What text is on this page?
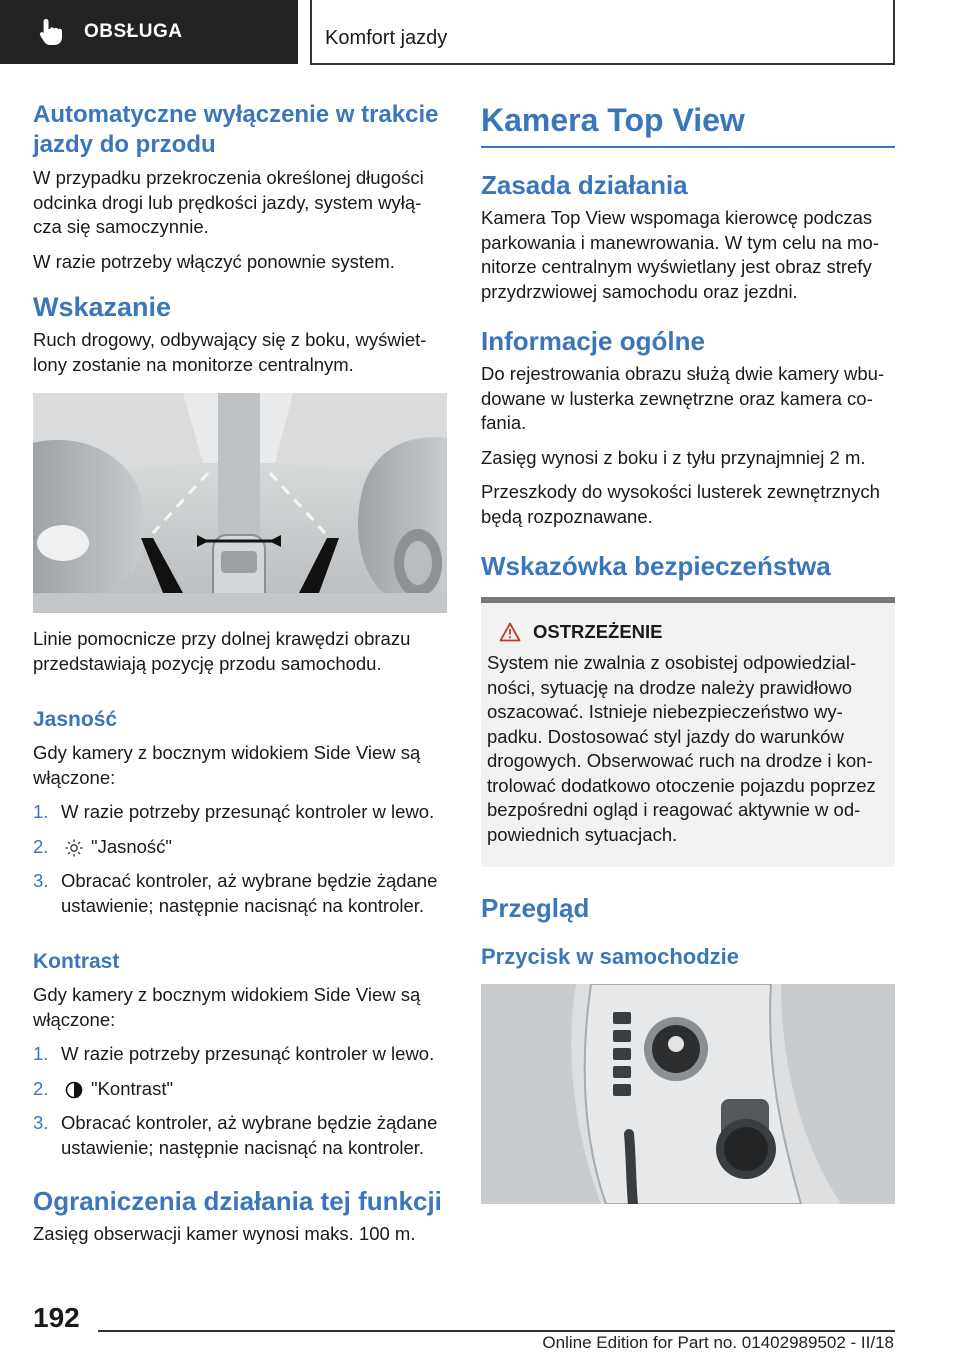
OBSŁUGA	Komfort jazdy
Automatyczne wyłączenie w trakcie jazdy do przodu

W przypadku przekroczenia określonej długości odcinka drogi lub prędkości jazdy, system wyłą-cza się samoczynnie.

W razie potrzeby włączyć ponownie system.

Wskazanie

Ruch drogowy, odbywający się z boku, wyświet-lony zostanie na monitorze centralnym.

Linie pomocnicze przy dolnej krawędzi obrazu przedstawiają pozycję przodu samochodu.

Jasność

Gdy kamery z bocznym widokiem Side View są włączone:

1. W razie potrzeby przesunąć kontroler w lewo.
2. "Jasność"
3. Obracać kontroler, aż wybrane będzie żądane ustawienie; następnie nacisnąć na kontroler.
Kontrast

Gdy kamery z bocznym widokiem Side View są włączone:

1. W razie potrzeby przesunąć kontroler w lewo.
2. "Kontrast"
3. Obracać kontroler, aż wybrane będzie żądane ustawienie; następnie nacisnąć na kontroler.
Ograniczenia działania tej funkcji

Zasięg obserwacji kamer wynosi maks. 100 m.

Kamera Top View
Zasada działania

Kamera Top View wspomaga kierowcę podczas parkowania i manewrowania. W tym celu na mo-nitorze centralnym wyświetlany jest obraz strefy przydrzwiowej samochodu oraz jezdni.

Informacje ogólne

Do rejestrowania obrazu służą dwie kamery wbu-dowane w lusterka zewnętrzne oraz kamera co-fania.

Zasięg wynosi z boku i z tyłu przynajmniej 2 m.

Przeszkody do wysokości lusterek zewnętrznych będą rozpoznawane.

Wskazówka bezpieczeństwa
OSTRZEŻENIE

System nie zwalnia z osobistej odpowiedzial-ności, sytuację na drodze należy prawidłowo oszacować. Istnieje niebezpieczeństwo wy-padku. Dostosować styl jazdy do warunków drogowych. Obserwować ruch na drodze i kon-trolować dodatkowo otoczenie pojazdu poprzez bezpośredni ogląd i reagować aktywnie w od-powiednich sytuacjach.

Przegląd
Przycisk w samochodzie
192
Online Edition for Part no. 01402989502 - II/18
